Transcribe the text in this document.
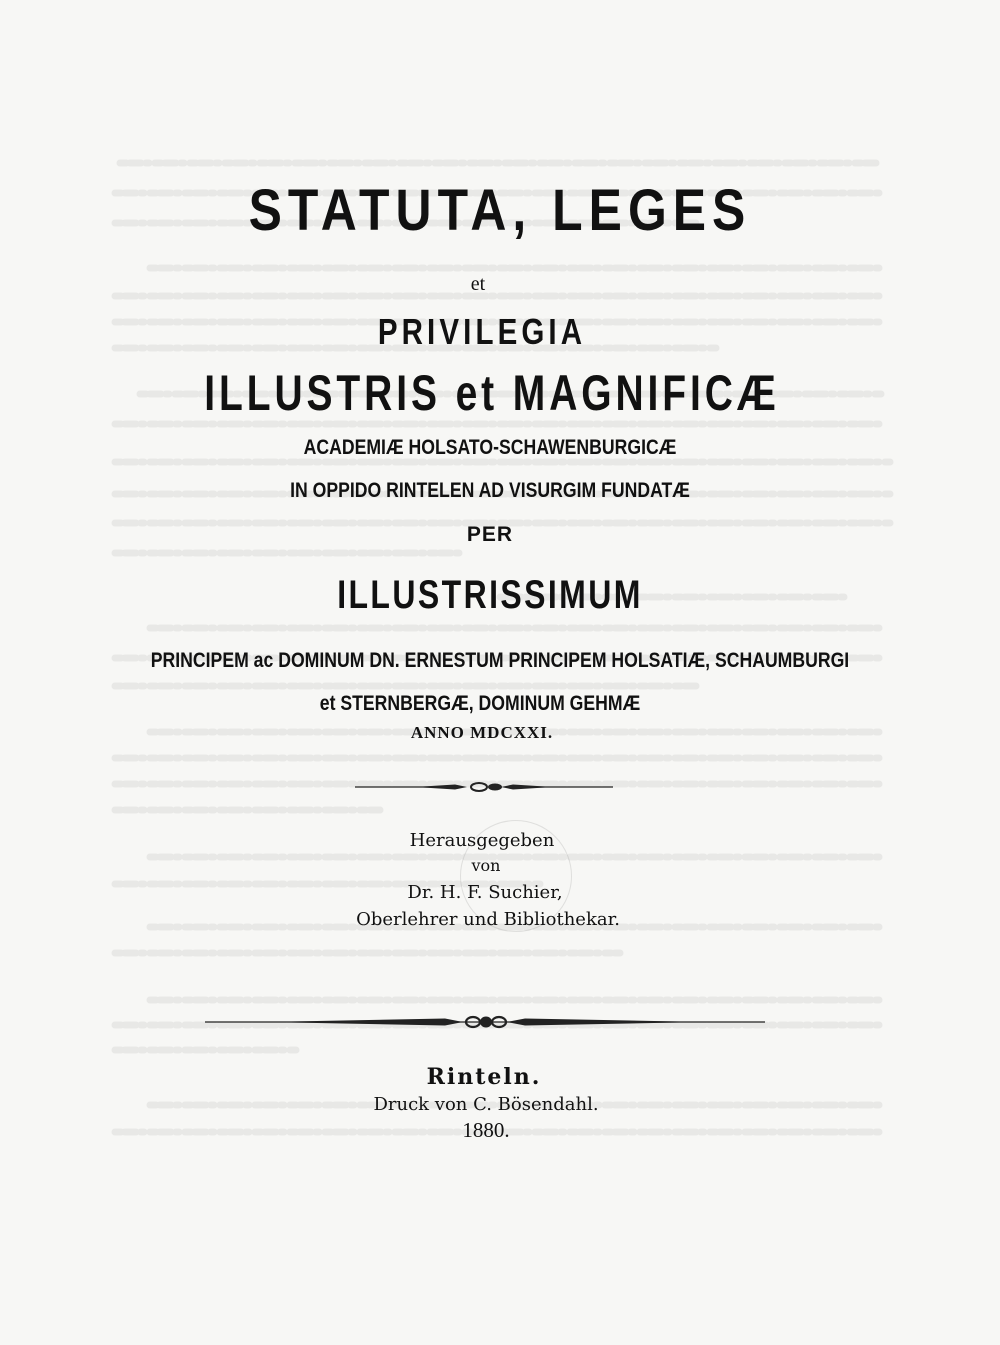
STATUTA, LEGES
et
PRIVILEGIA
ILLUSTRIS et MAGNIFICÆ
ACADEMIÆ HOLSATO-SCHAWENBURGICÆ
IN OPPIDO RINTELEN AD VISURGIM FUNDATÆ
PER
ILLUSTRISSIMUM
PRINCIPEM ac DOMINUM DN. ERNESTUM PRINCIPEM HOLSATIÆ, SCHAUMBURGI
et STERNBERGÆ, DOMINUM GEHMÆ
ANNO MDCXXI.
Herausgegeben
von
Dr. H. F. Suchier,
Oberlehrer und Bibliothekar.
Rinteln.
Druck von C. Bösendahl.
1880.
